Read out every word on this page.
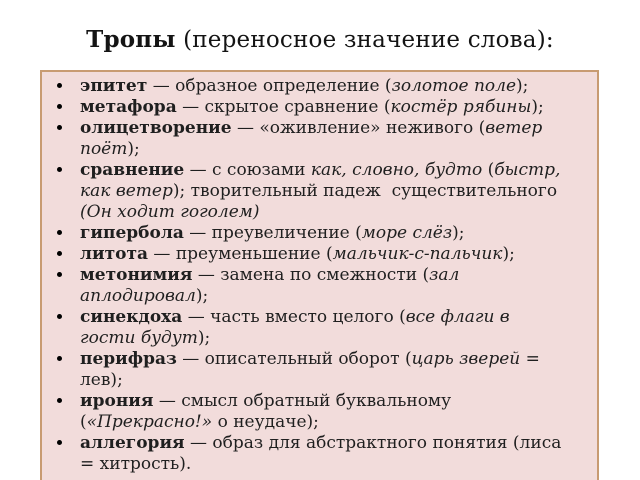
Тропы (переносное значение слова):
эпитет — образное определение (золотое поле);
метафора — скрытое сравнение (костёр рябины);
олицетворение — «оживление» неживого (ветер поёт);
сравнение — с союзами как, словно, будто (быстр, как ветер); творительный падеж  существительного (Он ходит гоголем)
гипербола — преувеличение (море слёз);
литота — преуменьшение (мальчик-с-пальчик);
метонимия — замена по смежности (зал аплодировал);
синекдоха — часть вместо целого (все флаги в гости будут);
перифраз — описательный оборот (царь зверей = лев);
ирония — смысл обратный буквальному («Прекрасно!» о неудаче);
аллегория — образ для абстрактного понятия (лиса = хитрость).
